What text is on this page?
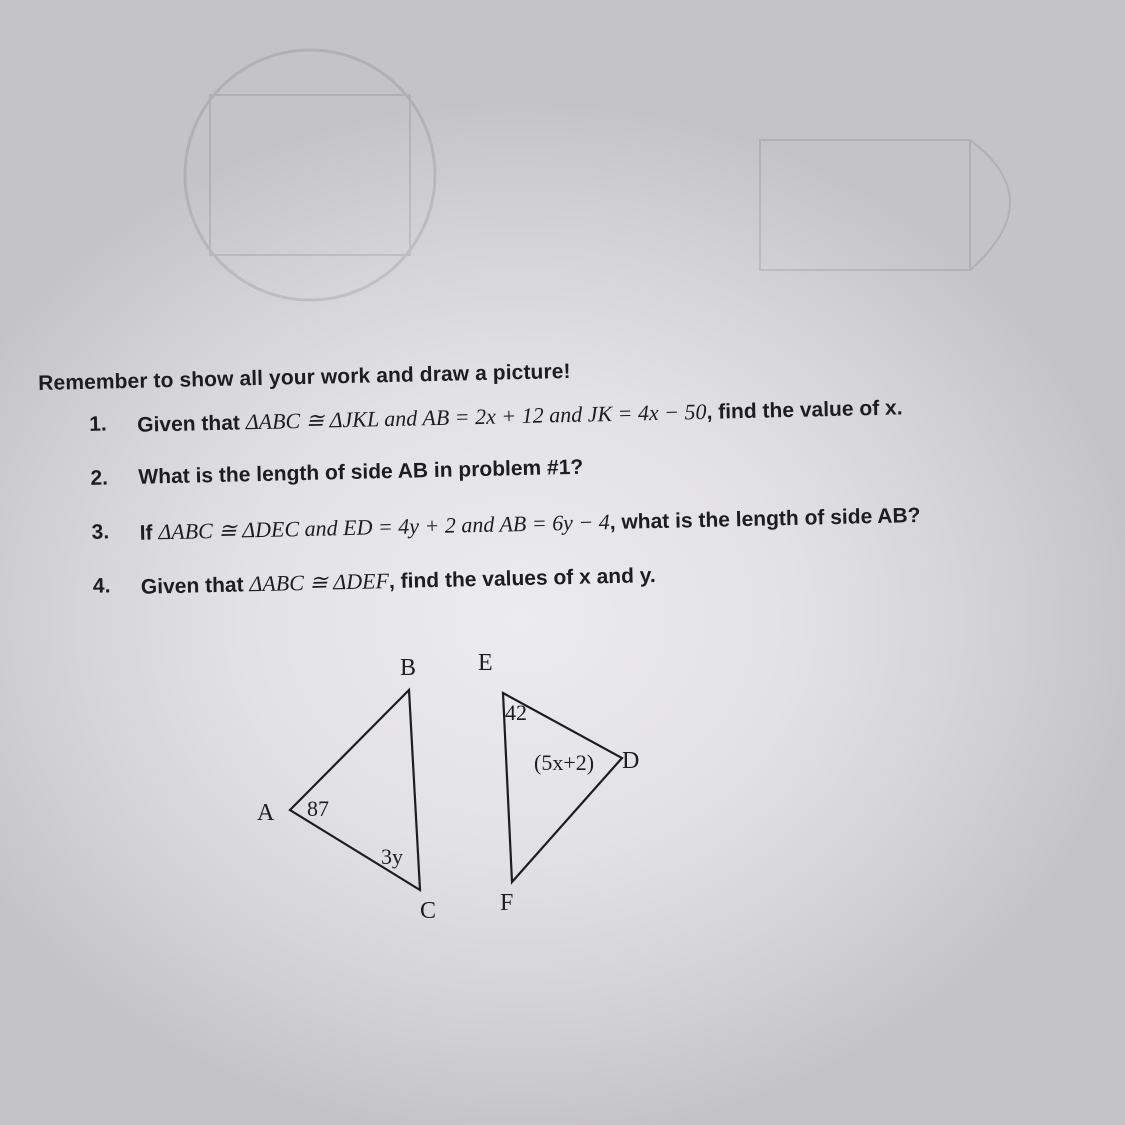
Remember to show all your work and draw a picture!
1.	Given that ΔABC ≅ ΔJKL and AB = 2x + 12 and JK = 4x − 50, find the value of x.
2.	What is the length of side AB in problem #1?
3.	If ΔABC ≅ ΔDEC and ED = 4y + 2 and AB = 6y − 4, what is the length of side AB?
4.	Given that ΔABC ≅ ΔDEF, find the values of x and y.
B
A
C
E
D
F
87
3y
42
(5x+2)
